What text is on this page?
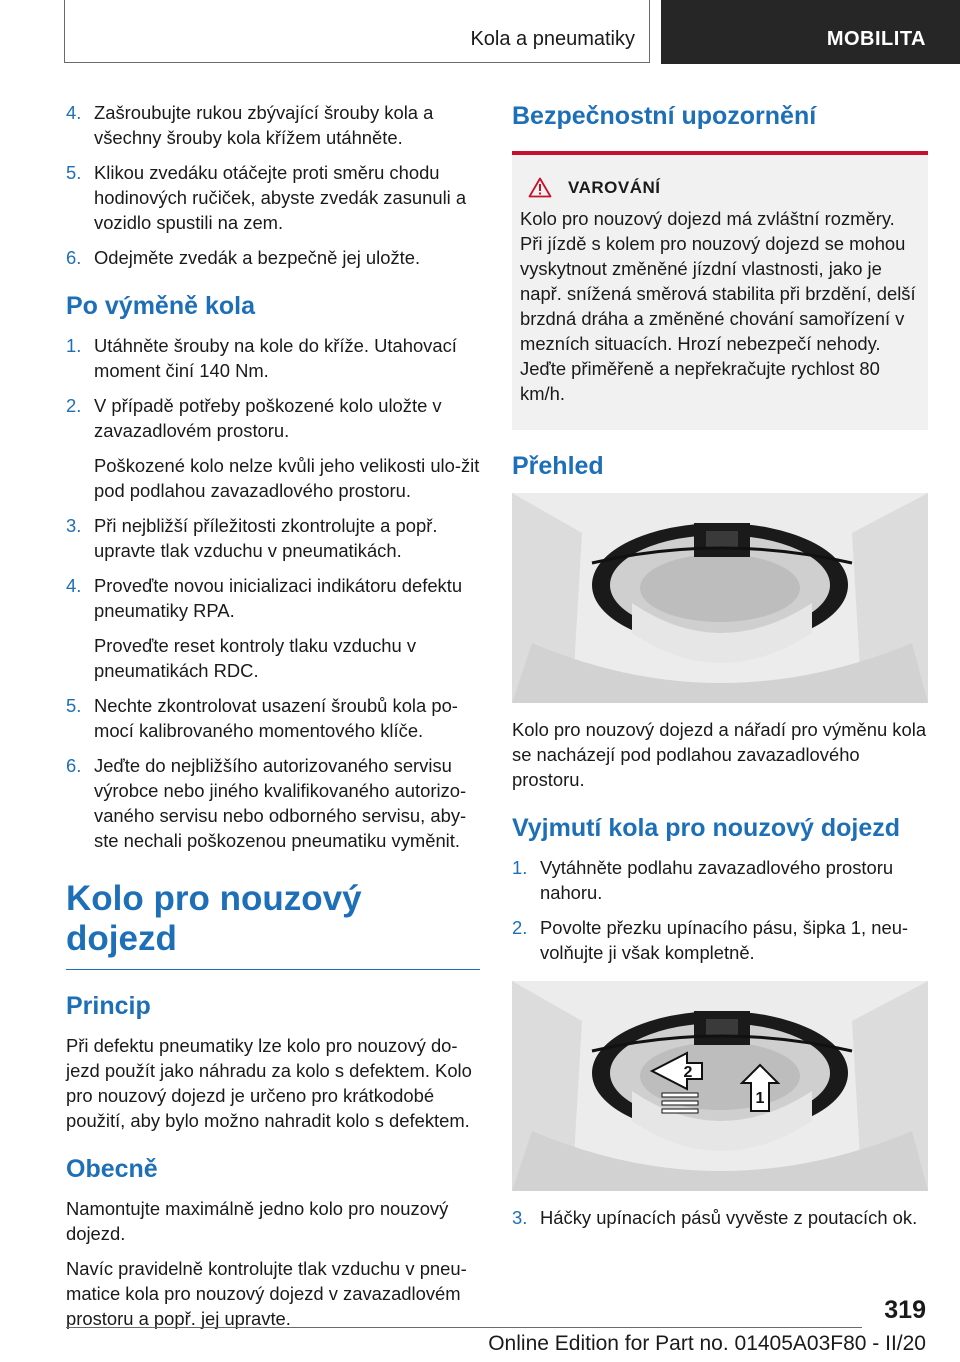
Kola a pneumatiky	MOBILITA
4. Zašroubujte rukou zbývající šrouby kola a všechny šrouby kola křížem utáhněte.
5. Klikou zvedáku otáčejte proti směru chodu hodinových ručiček, abyste zvedák zasunuli a vozidlo spustili na zem.
6. Odejměte zvedák a bezpečně jej uložte.
Po výměně kola
1. Utáhněte šrouby na kole do kříže. Utahovací moment činí 140 Nm.
2. V případě potřeby poškozené kolo uložte v zavazadlovém prostoru.
Poškozené kolo nelze kvůli jeho velikosti ulo-žit pod podlahou zavazadlového prostoru.
3. Při nejbližší příležitosti zkontrolujte a popř. upravte tlak vzduchu v pneumatikách.
4. Proveďte novou inicializaci indikátoru defektu pneumatiky RPA.
Proveďte reset kontroly tlaku vzduchu v pneumatikách RDC.
5. Nechte zkontrolovat usazení šroubů kola po-mocí kalibrovaného momentového klíče.
6. Jeďte do nejbližšího autorizovaného servisu výrobce nebo jiného kvalifikovaného autorizo-vaného servisu nebo odborného servisu, aby-ste nechali poškozenou pneumatiku vyměnit.
Kolo pro nouzový dojezd
Princip
Při defektu pneumatiky lze kolo pro nouzový do-jezd použít jako náhradu za kolo s defektem. Kolo pro nouzový dojezd je určeno pro krátkodobé použití, aby bylo možno nahradit kolo s defektem.
Obecně
Namontujte maximálně jedno kolo pro nouzový dojezd.
Navíc pravidelně kontrolujte tlak vzduchu v pneu-matice kola pro nouzový dojezd v zavazadlovém prostoru a popř. jej upravte.
Bezpečnostní upozornění
VAROVÁNÍ
Kolo pro nouzový dojezd má zvláštní rozměry. Při jízdě s kolem pro nouzový dojezd se mohou vyskytnout změněné jízdní vlastnosti, jako je např. snížená směrová stabilita při brzdění, delší brzdná dráha a změněné chování samořízení v mezních situacích. Hrozí nebezpečí nehody. Jeďte přiměřeně a nepřekračujte rychlost 80 km/h.
Přehled
Kolo pro nouzový dojezd a nářadí pro výměnu kola se nacházejí pod podlahou zavazadlového prostoru.
Vyjmutí kola pro nouzový dojezd
1. Vytáhněte podlahu zavazadlového prostoru nahoru.
2. Povolte přezku upínacího pásu, šipka 1, neu-volňujte ji však kompletně.
2
1
3. Háčky upínacích pásů vyvěste z poutacích ok.
319
Online Edition for Part no. 01405A03F80 - II/20
